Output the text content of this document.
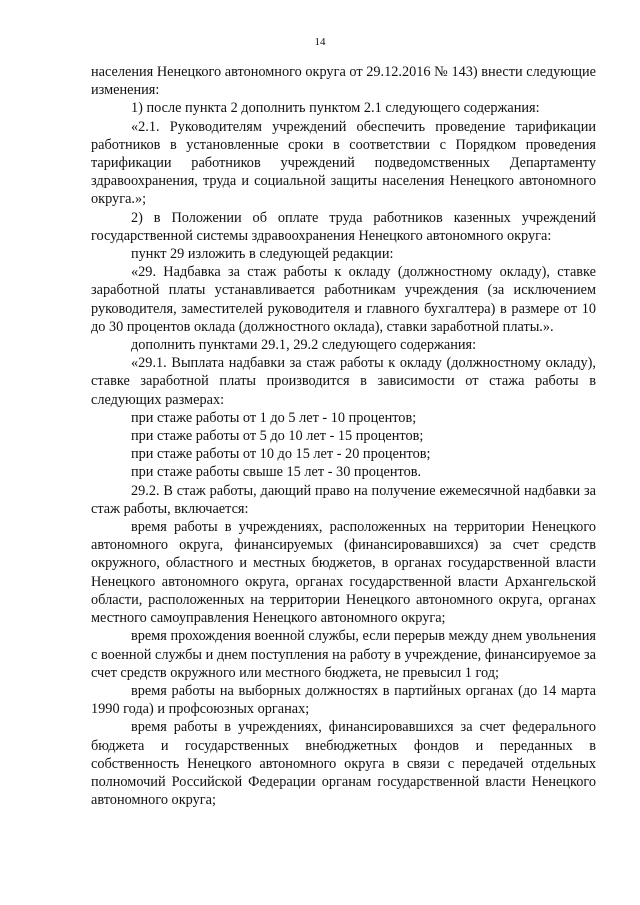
14

населения Ненецкого автономного округа от 29.12.2016 № 143) внести следующие изменения:

1) после пункта 2 дополнить пунктом 2.1 следующего содержания:

«2.1. Руководителям учреждений обеспечить проведение тарификации работников в установленные сроки в соответствии с Порядком проведения тарификации работников учреждений подведомственных Департаменту здравоохранения, труда и социальной защиты населения Ненецкого автономного округа.»;

2) в Положении об оплате труда работников казенных учреждений государственной системы здравоохранения Ненецкого автономного округа:

пункт 29 изложить в следующей редакции:

«29. Надбавка за стаж работы к окладу (должностному окладу), ставке заработной платы устанавливается работникам учреждения (за исключением руководителя, заместителей руководителя и главного бухгалтера) в размере от 10 до 30 процентов оклада (должностного оклада), ставки заработной платы.».

дополнить пунктами 29.1, 29.2 следующего содержания:

«29.1. Выплата надбавки за стаж работы к окладу (должностному окладу), ставке заработной платы производится в зависимости от стажа работы в следующих размерах:

при стаже работы от 1 до 5 лет - 10 процентов;

при стаже работы от 5 до 10 лет - 15 процентов;

при стаже работы от 10 до 15 лет - 20 процентов;

при стаже работы свыше 15 лет - 30 процентов.

29.2. В стаж работы, дающий право на получение ежемесячной надбавки за стаж работы, включается:

время работы в учреждениях, расположенных на территории Ненецкого автономного округа, финансируемых (финансировавшихся) за счет средств окружного, областного и местных бюджетов, в органах государственной власти Ненецкого автономного округа, органах государственной власти Архангельской области, расположенных на территории Ненецкого автономного округа, органах местного самоуправления Ненецкого автономного округа;

время прохождения военной службы, если перерыв между днем увольнения с военной службы и днем поступления на работу в учреждение, финансируемое за счет средств окружного или местного бюджета, не превысил 1 год;

время работы на выборных должностях в партийных органах (до 14 марта 1990 года) и профсоюзных органах;

время работы в учреждениях, финансировавшихся за счет федерального бюджета и государственных внебюджетных фондов и переданных в собственность Ненецкого автономного округа в связи с передачей отдельных полномочий Российской Федерации органам государственной власти Ненецкого автономного округа;
